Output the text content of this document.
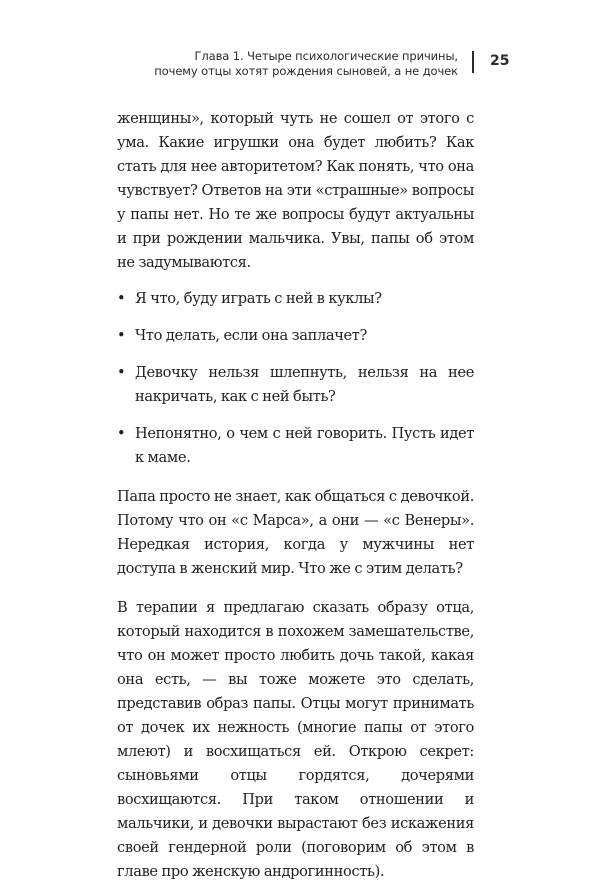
Глава 1. Четыре психологические причины,
почему отцы хотят рождения сыновей, а не дочек
25

женщины», который чуть не сошел от этого с ума. Какие игрушки она будет любить? Как стать для нее авторитетом? Как понять, что она чувствует? Ответов на эти «страшные» вопросы у папы нет. Но те же вопросы будут актуальны и при рождении мальчика. Увы, папы об этом не задумываются.

• Я что, буду играть с ней в куклы?
• Что делать, если она заплачет?
• Девочку нельзя шлепнуть, нельзя на нее накричать, как с ней быть?
• Непонятно, о чем с ней говорить. Пусть идет к маме.

Папа просто не знает, как общаться с девочкой. Потому что он «с Марса», а они — «с Венеры». Нередкая история, когда у мужчины нет доступа в женский мир. Что же с этим делать?

В терапии я предлагаю сказать образу отца, который находится в похожем замешательстве, что он может просто любить дочь такой, какая она есть, — вы тоже можете это сделать, представив образ папы. Отцы могут принимать от дочек их нежность (многие папы от этого млеют) и восхищаться ей. Открою секрет: сыновьями отцы гордятся, дочерями восхищаются. При таком отношении и мальчики, и девочки вырастают без искажения своей гендерной роли (поговорим об этом в главе про женскую андрогинность).
